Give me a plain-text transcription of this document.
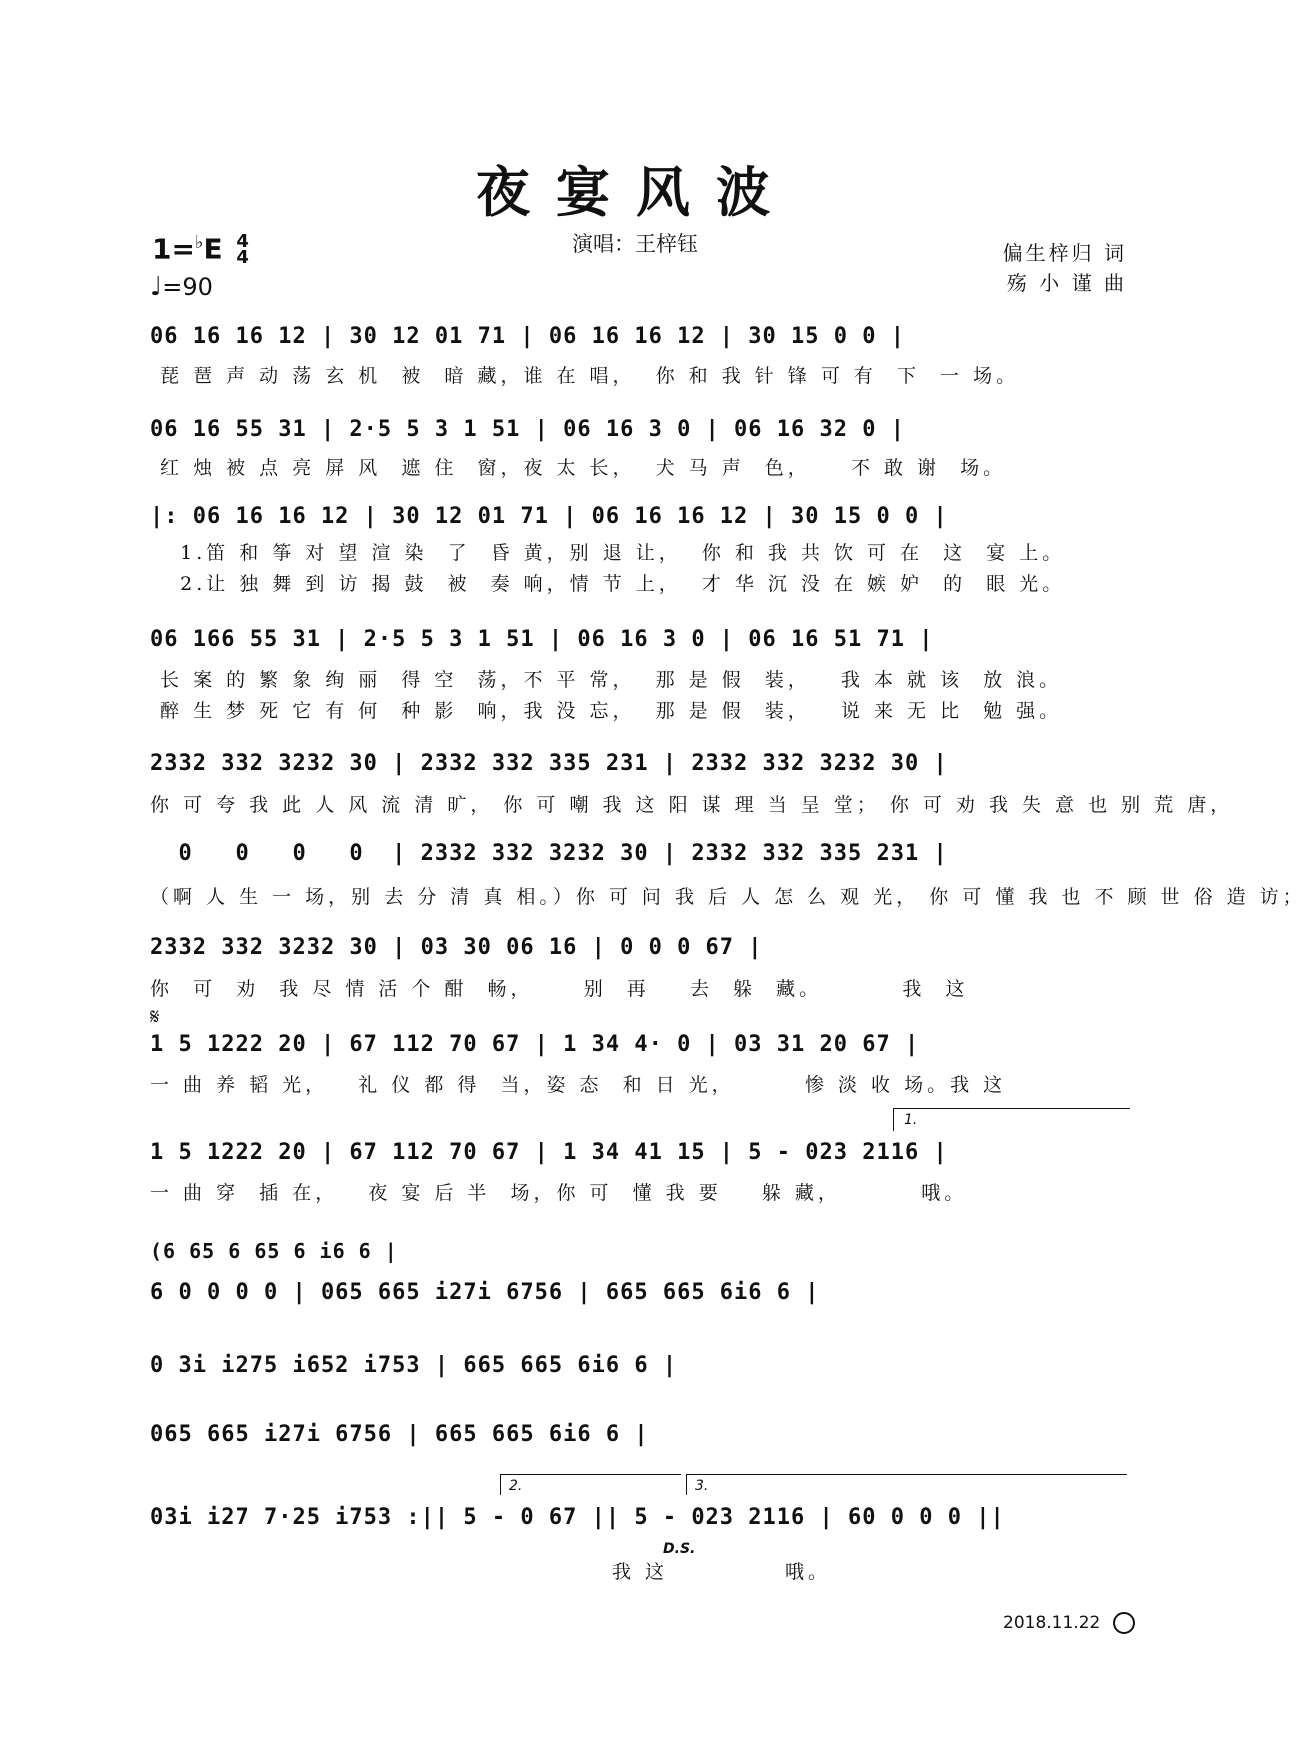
夜宴风波
1=♭E 4
4
♩=90
演唱：王梓钰	偏生梓归 词
殇 小 谨 曲
06 16 16 12 | 30 12 01 71 | 06 16 16 12 | 30 15 0 0 |
琵 琶 声 动 荡 玄 机  被  暗 藏，谁 在 唱，  你 和 我 针 锋 可 有  下  一 场。
06 16 55 31 | 2·5 5 3 1 51 | 06 16 3 0 | 06 16 32 0 |
红 烛 被 点 亮 屏 风  遮 住  窗，夜 太 长，  犬 马 声  色，    不 敢 谢  场。
|: 06 16 16 12 | 30 12 01 71 | 06 16 16 12 | 30 15 0 0 |
1.笛 和 筝 对 望 渲 染  了  昏 黄，别 退 让，  你 和 我 共 饮 可 在  这  宴 上。
2.让 独 舞 到 访 揭 鼓  被  奏 响，情 节 上，  才 华 沉 没 在 嫉 妒  的  眼 光。
06 166 55 31 | 2·5 5 3 1 51 | 06 16 3 0 | 06 16 51 71 |
长 案 的 繁 象 绚 丽  得 空  荡，不 平 常，  那 是 假  装，   我 本 就 该  放 浪。
醉 生 梦 死 它 有 何  种 影  响，我 没 忘，  那 是 假  装，   说 来 无 比  勉 强。
2332 332 3232 30 | 2332 332 335 231 | 2332 332 3232 30 |
你 可 夸 我 此 人 风 流 清 旷， 你 可 嘲 我 这 阳 谋 理 当 呈 堂； 你 可 劝 我 失 意 也 别 荒 唐，
0   0   0   0  | 2332 332 3232 30 | 2332 332 335 231 |
（啊 人 生 一 场，别 去 分 清 真 相。）你 可 问 我 后 人 怎 么 观 光， 你 可 懂 我 也 不 顾 世 俗 造 访；
2332 332 3232 30 | 03 30 06 16 | 0 0 0 67 |
你  可  劝  我 尽 情 活 个 酣  畅，     别  再    去  躲  藏。        我  这
𝄋
1 5 1222 20 | 67 112 70 67 | 1 34 4· 0 | 03 31 20 67 |
一 曲 养 韬 光，   礼 仪 都 得  当，姿 态  和 日 光，       惨 淡 收 场。我 这
1.
1 5 1222 20 | 67 112 70 67 | 1 34 41 15 | 5 - 023 2116 |
一 曲 穿  插 在，   夜 宴 后 半  场，你 可  懂 我 要    躲 藏，        哦。
(6 65 6 65 6 i6 6 |
6 0 0 0 0 | 065 665 i27i 6756 | 665 665 6i6 6 |
0 3i i275 i652 i753 | 665 665 6i6 6 |
065 665 i27i 6756 | 665 665 6i6 6 |
2.	3.
03i i27 7·25 i753 :|| 5 - 0 67 || 5 - 023 2116 | 60 0 0 0 ||
D.S.
我 这	哦。
2018.11.22
